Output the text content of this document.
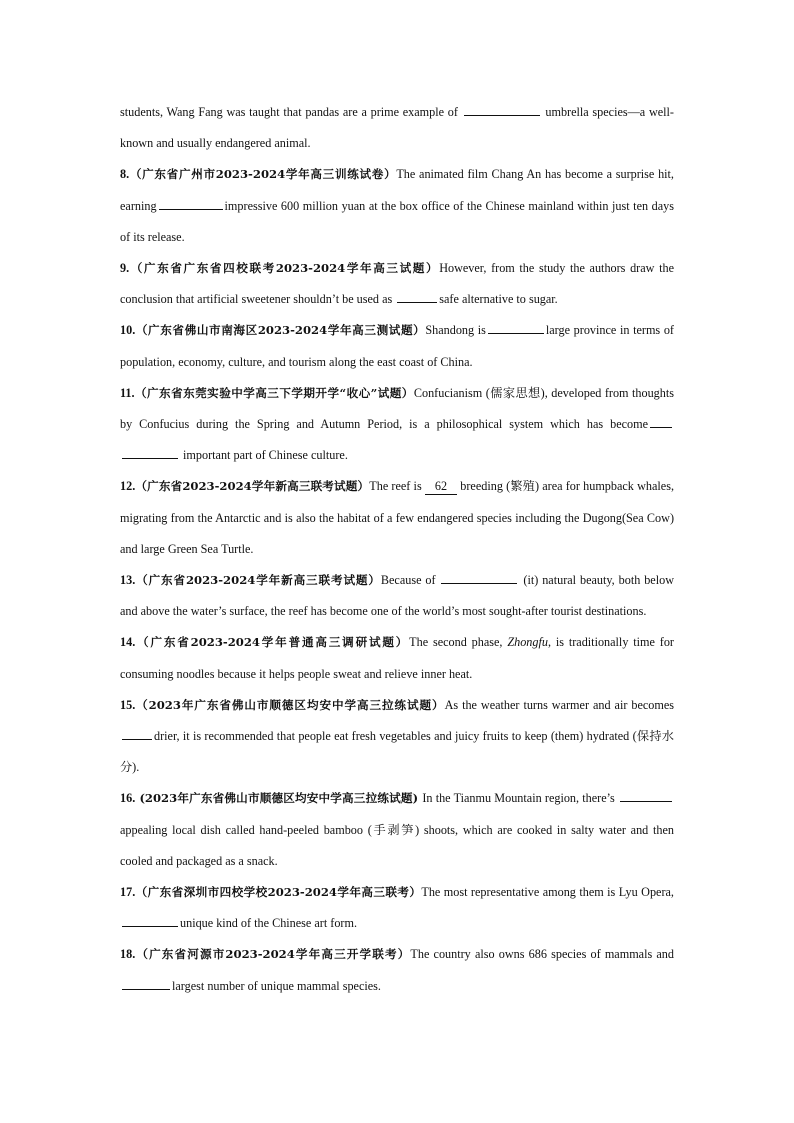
students, Wang Fang was taught that pandas are a prime example of	umbrella species—a well-known and usually endangered animal.

8.（广东省广州市2023-2024学年高三训练试卷）The animated film Chang An has become a surprise hit, earning	impressive 600 million yuan at the box office of the Chinese mainland within just ten days of its release.

9.（广东省广东省四校联考2023-2024学年高三试题）However, from the study the authors draw the conclusion that artificial sweetener shouldn’t be used as	safe alternative to sugar.

10.（广东省佛山市南海区2023-2024学年高三测试题）Shandong is	large province in terms of population, economy, culture, and tourism along the east coast of China.

11.（广东省东莞实验中学高三下学期开学“收心”试题）Confucianism (儒家思想), developed from thoughts by Confucius during the Spring and Autumn Period, is a philosophical system which has become  important part of Chinese culture.

12.（广东省2023-2024学年新高三联考试题）The reef is 62 breeding (繁殖) area for humpback whales, migrating from the Antarctic and is also the habitat of a few endangered species including the Dugong(Sea Cow) and large Green Sea Turtle.

13.（广东省2023-2024学年新高三联考试题）Because of	(it) natural beauty, both below and above the water’s surface, the reef has become one of the world’s most sought-after tourist destinations.

14.（广东省2023-2024学年普通高三调研试题）The second phase, Zhongfu, is traditionally time for consuming noodles because it helps people sweat and relieve inner heat.

15.（2023年广东省佛山市顺德区均安中学高三拉练试题）As the weather turns warmer and air becomes drier, it is recommended that people eat fresh vegetables and juicy fruits to keep (them) hydrated (保持水分).

16. (2023年广东省佛山市顺德区均安中学高三拉练试题) In the Tianmu Mountain region, there’s  appealing local dish called hand-peeled bamboo (手剥笋) shoots, which are cooked in salty water and then cooled and packaged as a snack.

17.（广东省深圳市四校学校2023-2024学年高三联考）The most representative among them is Lyu Opera,unique kind of the Chinese art form.

18.（广东省河源市2023-2024学年高三开学联考）The country also owns 686 species of mammals andlargest number of unique mammal species.
